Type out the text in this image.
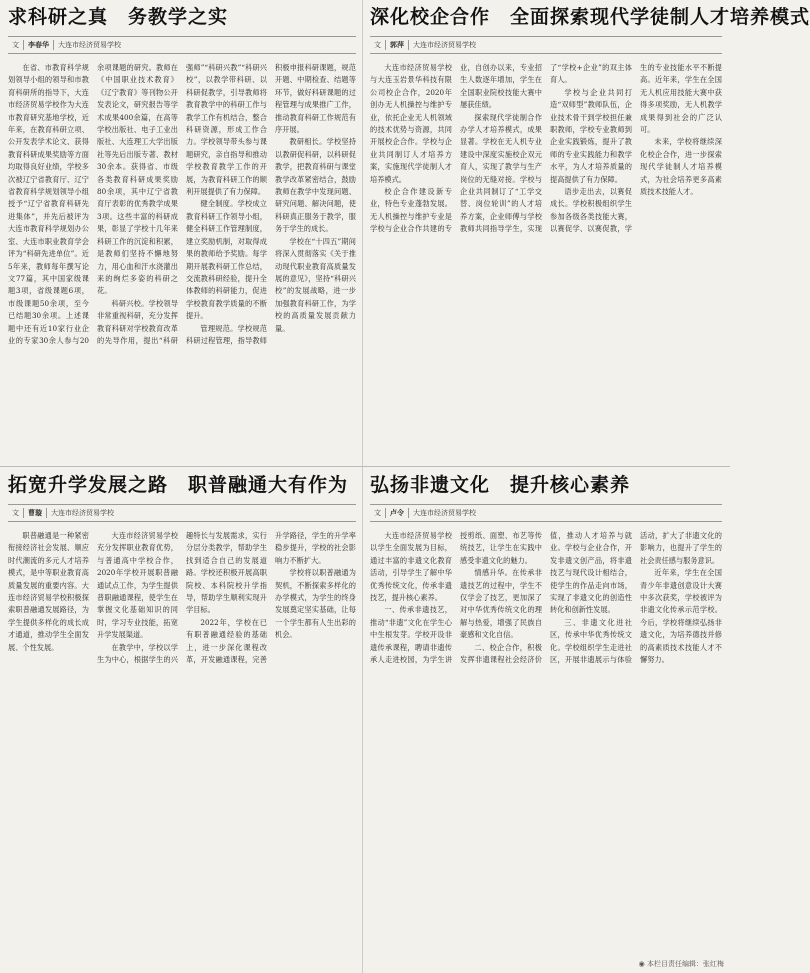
求科研之真　务教学之实
文	李春华	大连市经济贸易学校

在省、市教育科学规划领导小组的领导和市教育科研所的指导下，大连市经济贸易学校作为大连市教育研究基地学校，近年来，在教育科研立项、公开发表学术论文、获得教育科研成果奖励等方面均取得良好业绩，学校多次被辽宁省教育厅、辽宁省教育科学规划领导小组授予“辽宁省教育科研先进集体”，并先后被评为大连市教育科学规划办公室、大连市职业教育学会评为“科研先进单位”。近5年来，教师每年撰写论文77篇，其中国家级课题3项，省级课题6项，市级课题50余项，至今已结题30余项。上述课题中还有近10家行业企业的专家30余人参与20余项课题的研究。教师在《中国职业技术教育》《辽宁教育》等刊物公开发表论文，研究报告等学术成果400余篇，在高等学校出版社、电子工业出版社、大连理工大学出版社等先后出版专著、教材30余本。获得省、市级各类教育科研成果奖励80余项，其中辽宁省教育厅表彰的优秀教学成果3项。这些丰富的科研成果，彰显了学校十几年来科研工作的沉淀和积累，是教师们坚持不懈地努力，用心血和汗水浇灌出来的绚烂多姿的科研之花。

科研兴校。学校领导非常重视科研，充分发挥教育科研对学校教育改革的先导作用，提出“科研强师”“科研兴教”“科研兴校”，以教学带科研、以科研促教学，引导教师将教育教学中的科研工作与教学工作有机结合，整合科研资源，形成工作合力。学校领导带头参与课题研究，亲自指导和推动学校教育教学工作的开展，为教育科研工作的顺利开展提供了有力保障。

健全制度。学校成立教育科研工作领导小组，健全科研工作管理制度，建立奖励机制，对取得成果的教师给予奖励。每学期开展教科研工作总结，交流教科研经验，提升全体教师的科研能力，促进学校教育教学质量的不断提升。

管理规范。学校规范科研过程管理，指导教师积极申报科研课题，规范开题、中期检查、结题等环节，做好科研课题的过程管理与成果推广工作，推动教育科研工作规范有序开展。

教研相长。学校坚持以教研促科研，以科研促教学，把教育科研与课堂教学改革紧密结合，鼓励教师在教学中发现问题、研究问题、解决问题，使科研真正服务于教学，服务于学生的成长。

学校在“十四五”期间将深入贯彻落实《关于推动现代职业教育高质量发展的意见》，坚持“科研兴校”的发展战略，进一步加强教育科研工作，为学校的高质量发展贡献力量。

深化校企合作　全面探索现代学徒制人才培养模式
文	郭萍	大连市经济贸易学校

大连市经济贸易学校与大连玉岩景华科技有限公司校企合作，2020年创办无人机操控与维护专业，依托企业无人机领域的技术优势与资源，共同开展校企合作。学校与企业共同制订人才培养方案，实施现代学徒制人才培养模式。

校企合作建设新专业，特色专业蓬勃发展。无人机操控与维护专业是学校与企业合作共建的专业，自创办以来，专业招生人数逐年增加，学生在全国职业院校技能大赛中屡获佳绩。

探索现代学徒制合作办学人才培养模式，成果显著。学校在无人机专业建设中深度实施校企双元育人，实现了教学与生产岗位的无缝对接。学校与企业共同制订了“工学交替、岗位轮训”的人才培养方案，企业师傅与学校教师共同指导学生，实现了“学校+企业”的双主体育人。

学校与企业共同打造“双师型”教师队伍，企业技术骨干到学校担任兼职教师，学校专业教师到企业实践锻炼，提升了教师的专业实践能力和教学水平，为人才培养质量的提高提供了有力保障。

语步走出去，以赛促成长。学校积极组织学生参加各级各类技能大赛，以赛促学、以赛促教，学生的专业技能水平不断提高。近年来，学生在全国无人机应用技能大赛中获得多项奖励，无人机教学成果得到社会的广泛认可。

未来，学校将继续深化校企合作，进一步探索现代学徒制人才培养模式，为社会培养更多高素质技术技能人才。

拓宽升学发展之路　职普融通大有作为
文	曹璇	大连市经济贸易学校

职普融通是一种紧密衔接经济社会发展、顺应时代潮流的多元人才培养模式，是中等职业教育高质量发展的重要内容。大连市经济贸易学校积极探索职普融通发展路径，为学生提供多样化的成长成才通道，推动学生全面发展、个性发展。

大连市经济贸易学校充分发挥职业教育优势，与普通高中学校合作，2020年学校开展职普融通试点工作，为学生提供普职融通课程，使学生在掌握文化基础知识的同时，学习专业技能，拓宽升学发展渠道。

在教学中，学校以学生为中心，根据学生的兴趣特长与发展需求，实行分层分类教学，帮助学生找到适合自己的发展道路。学校还积极开展高职院校、本科院校升学指导，帮助学生顺利实现升学目标。

2022年，学校在已有职普融通经验的基础上，进一步深化课程改革，开发融通课程，完善升学路径，学生的升学率稳步提升，学校的社会影响力不断扩大。

学校将以职普融通为契机，不断探索多样化的办学模式，为学生的终身发展奠定坚实基础，让每一个学生都有人生出彩的机会。

弘扬非遗文化　提升核心素养
文	卢令	大连市经济贸易学校

大连市经济贸易学校以学生全面发展为目标，通过丰富的非遗文化教育活动，引导学生了解中华优秀传统文化，传承非遗技艺，提升核心素养。

一、传承非遗技艺，推动“非遗”文化在学生心中生根发芽。学校开设非遗传承课程，聘请非遗传承人走进校园，为学生讲授剪纸、面塑、布艺等传统技艺，让学生在实践中感受非遗文化的魅力。

情感升华。在传承非遗技艺的过程中，学生不仅学会了技艺，更加深了对中华优秀传统文化的理解与热爱，增强了民族自豪感和文化自信。

二、校企合作，积极发挥非遗课程社会经济价值，推动人才培养与就业。学校与企业合作，开发非遗文创产品，将非遗技艺与现代设计相结合，使学生的作品走向市场，实现了非遗文化的创造性转化和创新性发展。

三、非遗文化进社区，传承中华优秀传统文化。学校组织学生走进社区，开展非遗展示与体验活动，扩大了非遗文化的影响力，也提升了学生的社会责任感与服务意识。

近年来，学生在全国青少年非遗创意设计大赛中多次获奖，学校被评为非遗文化传承示范学校。今后，学校将继续弘扬非遗文化，为培养德技并修的高素质技术技能人才不懈努力。

◉ 本栏目责任编辑：张红梅
